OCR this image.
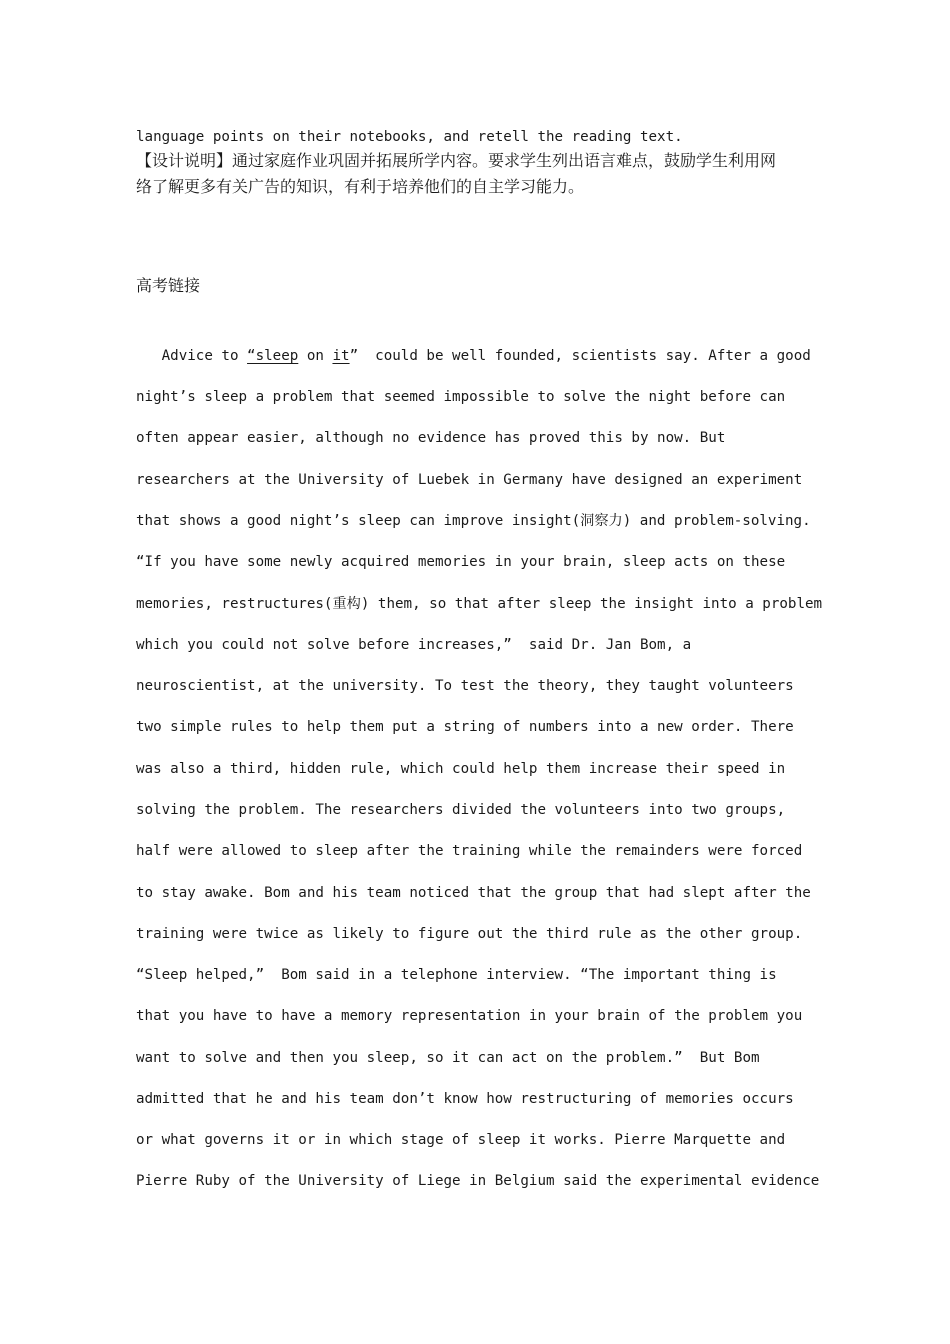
language points on their notebooks, and retell the reading text.
【设计说明】通过家庭作业巩固并拓展所学内容。要求学生列出语言难点，鼓励学生利用网
络了解更多有关广告的知识，有利于培养他们的自主学习能力。
高考链接
Advice to “sleep on it”  could be well founded, scientists say. After a good
night’s sleep a problem that seemed impossible to solve the night before can
often appear easier, although no evidence has proved this by now. But
researchers at the University of Luebek in Germany have designed an experiment
that shows a good night’s sleep can improve insight(洞察力) and problem-solving.
“If you have some newly acquired memories in your brain, sleep acts on these
memories, restructures(重构) them, so that after sleep the insight into a problem
which you could not solve before increases,”  said Dr. Jan Bom, a
neuroscientist, at the university. To test the theory, they taught volunteers
two simple rules to help them put a string of numbers into a new order. There
was also a third, hidden rule, which could help them increase their speed in
solving the problem. The researchers divided the volunteers into two groups,
half were allowed to sleep after the training while the remainders were forced
to stay awake. Bom and his team noticed that the group that had slept after the
training were twice as likely to figure out the third rule as the other group.
“Sleep helped,”  Bom said in a telephone interview. “The important thing is
that you have to have a memory representation in your brain of the problem you
want to solve and then you sleep, so it can act on the problem.”  But Bom
admitted that he and his team don’t know how restructuring of memories occurs
or what governs it or in which stage of sleep it works. Pierre Marquette and
Pierre Ruby of the University of Liege in Belgium said the experimental evidence
